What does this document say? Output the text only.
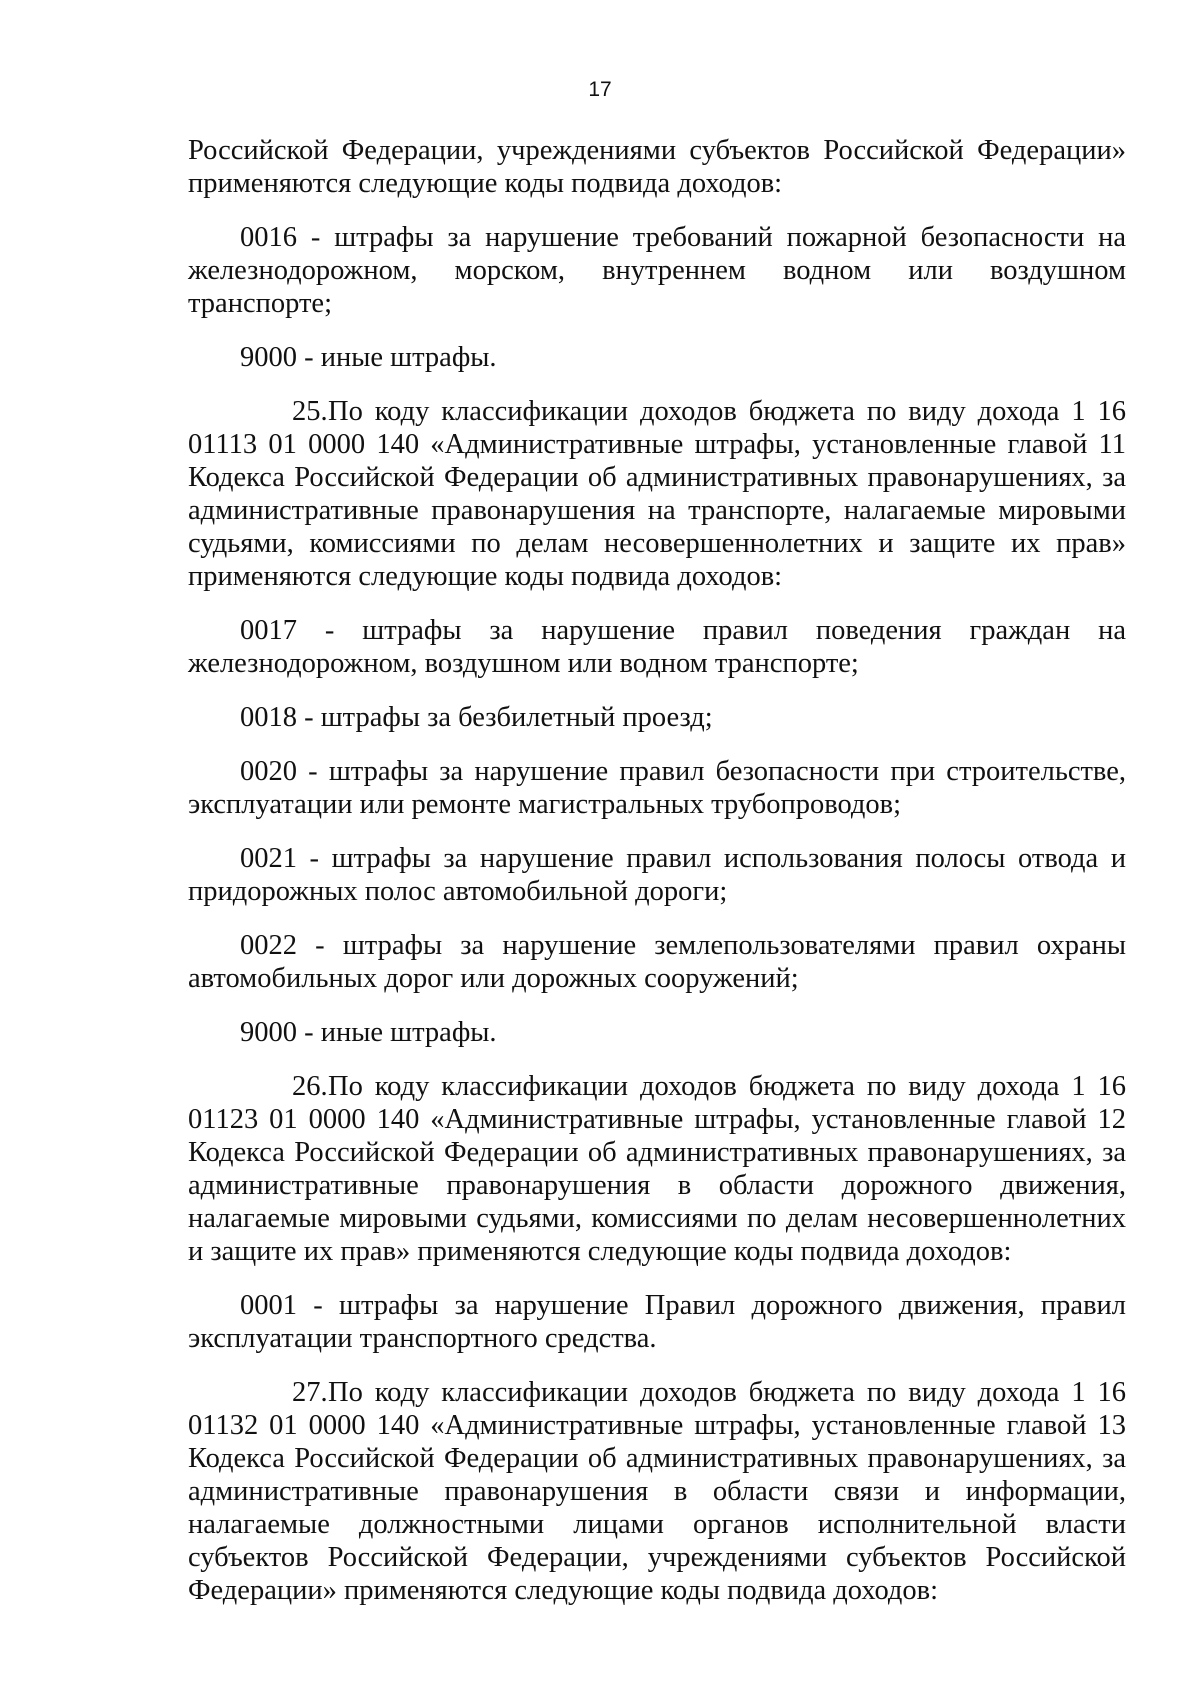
17

Российской Федерации, учреждениями субъектов Российской Федерации» применяются следующие коды подвида доходов:

0016 - штрафы за нарушение требований пожарной безопасности на железнодорожном, морском, внутреннем водном или воздушном транспорте;

9000 - иные штрафы.

25.По коду классификации доходов бюджета по виду дохода 1 16 01113 01 0000 140 «Административные штрафы, установленные главой 11 Кодекса Российской Федерации об административных правонарушениях, за административные правонарушения на транспорте, налагаемые мировыми судьями, комиссиями по делам несовершеннолетних и защите их прав» применяются следующие коды подвида доходов:

0017 - штрафы за нарушение правил поведения граждан на железнодорожном, воздушном или водном транспорте;

0018 - штрафы за безбилетный проезд;

0020 - штрафы за нарушение правил безопасности при строительстве, эксплуатации или ремонте магистральных трубопроводов;

0021 - штрафы за нарушение правил использования полосы отвода и придорожных полос автомобильной дороги;

0022 - штрафы за нарушение землепользователями правил охраны автомобильных дорог или дорожных сооружений;

9000 - иные штрафы.

26.По коду классификации доходов бюджета по виду дохода 1 16 01123 01 0000 140 «Административные штрафы, установленные главой 12 Кодекса Российской Федерации об административных правонарушениях, за административные правонарушения в области дорожного движения, налагаемые мировыми судьями, комиссиями по делам несовершеннолетних и защите их прав» применяются следующие коды подвида доходов:

0001 - штрафы за нарушение Правил дорожного движения, правил эксплуатации транспортного средства.

27.По коду классификации доходов бюджета по виду дохода 1 16 01132 01 0000 140 «Административные штрафы, установленные главой 13 Кодекса Российской Федерации об административных правонарушениях, за административные правонарушения в области связи и информации, налагаемые должностными лицами органов исполнительной власти субъектов Российской Федерации, учреждениями субъектов Российской Федерации» применяются следующие коды подвида доходов:
